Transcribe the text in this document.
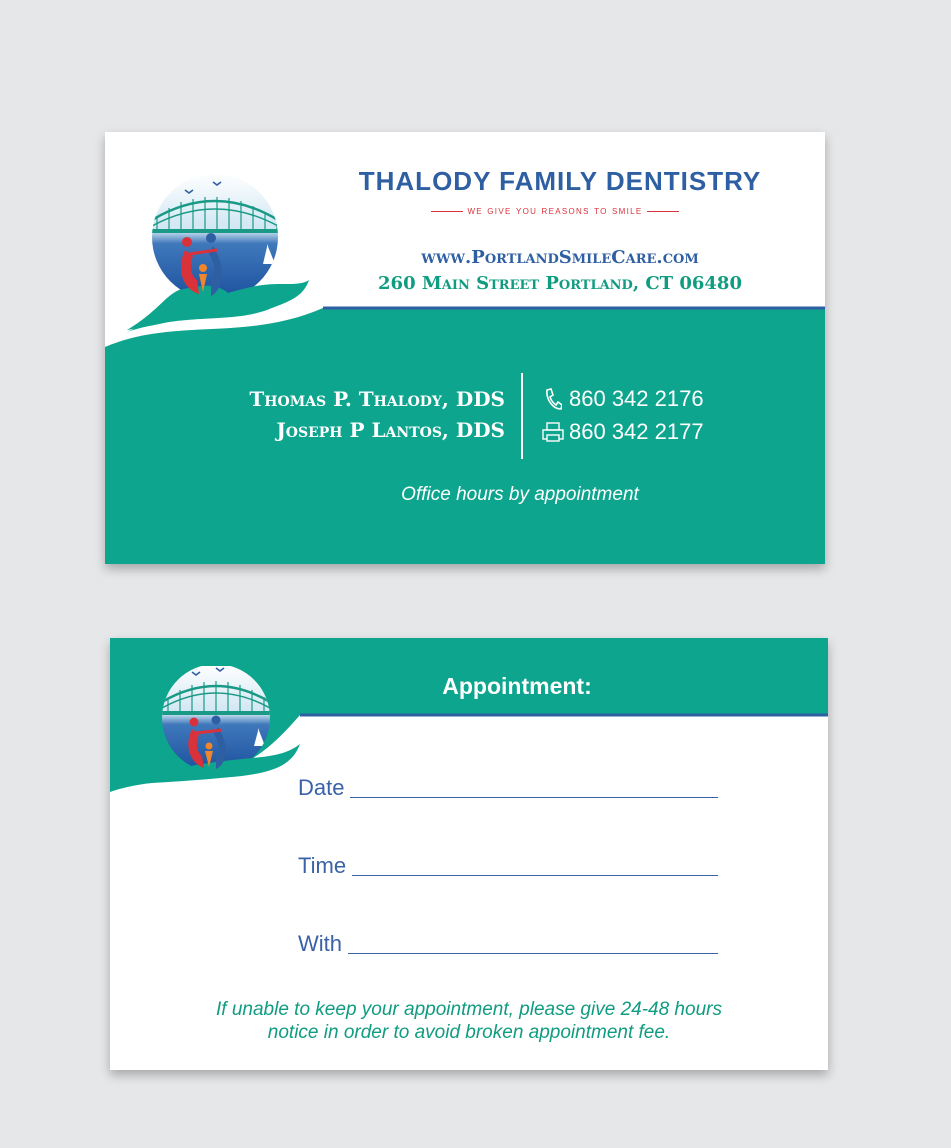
THALODY FAMILY DENTISTRY
we give you reasons to smile
www.PortlandSmileCare.com
260 Main Street Portland, CT 06480
Thomas P. Thalody, DDS
Joseph P Lantos, DDS
860 342 2176
860 342 2177
Office hours by appointment
Appointment:
Date
Time
With
If unable to keep your appointment, please give 24-48 hours
notice in order to avoid broken appointment fee.
